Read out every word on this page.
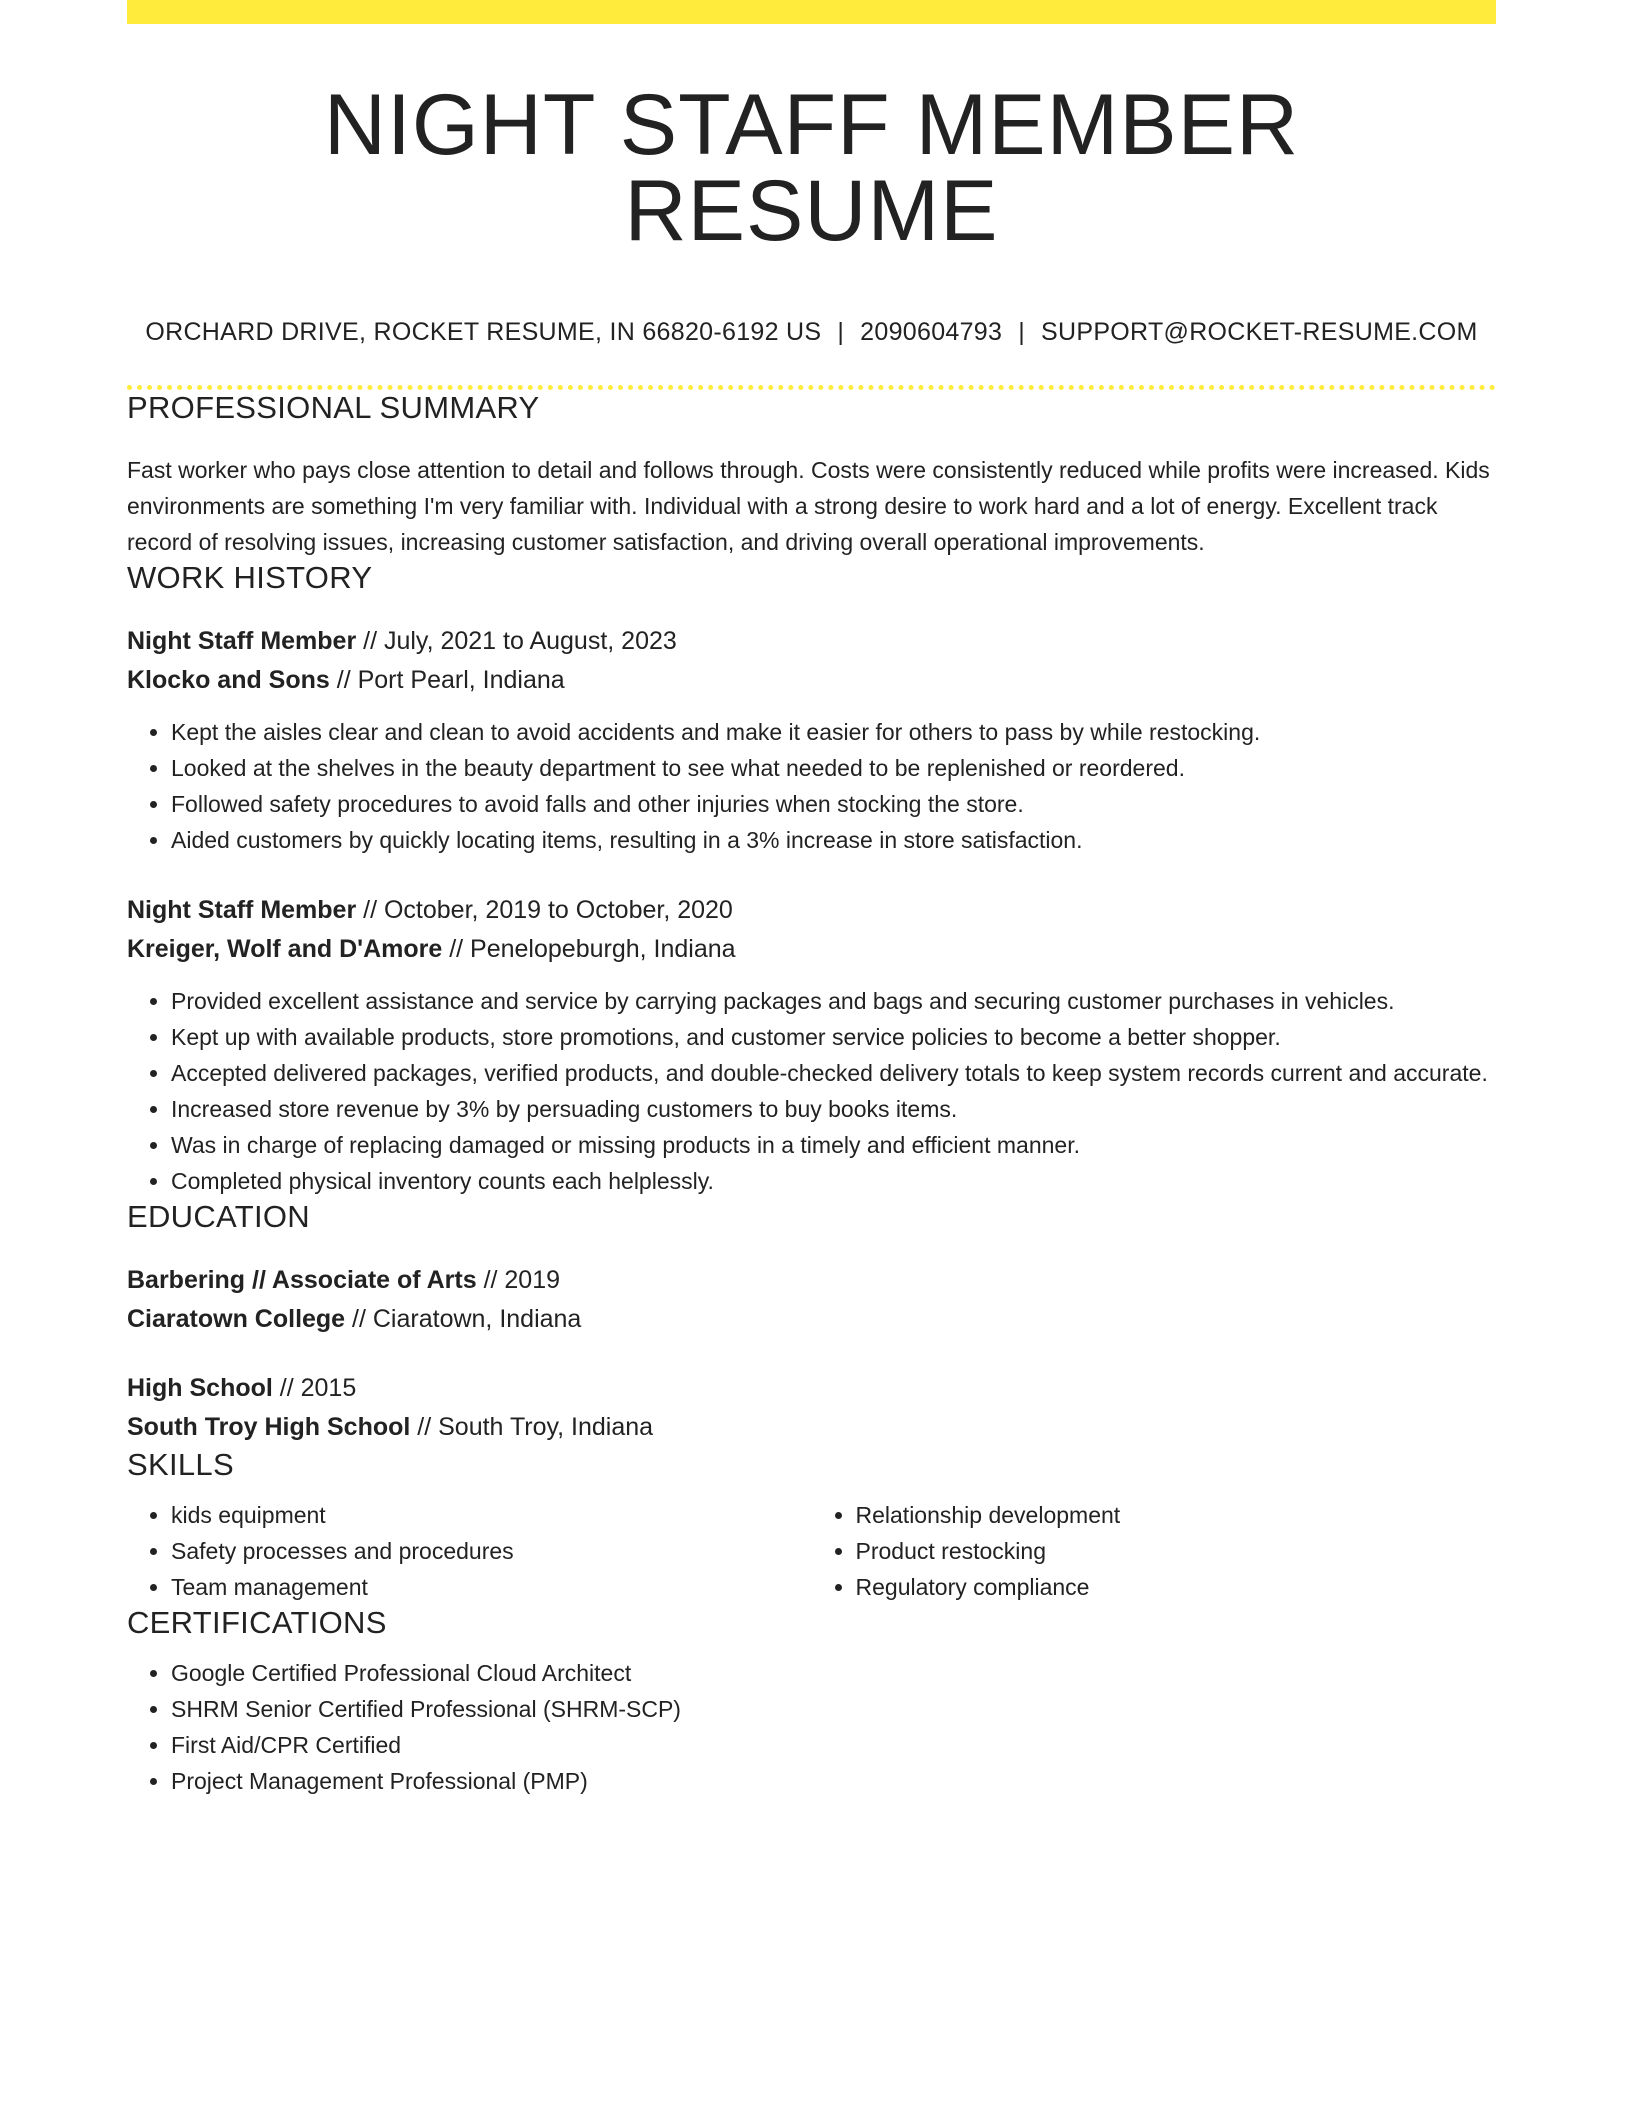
NIGHT STAFF MEMBER RESUME
ORCHARD DRIVE, ROCKET RESUME, IN 66820-6192 US | 2090604793 | SUPPORT@ROCKET-RESUME.COM
PROFESSIONAL SUMMARY

Fast worker who pays close attention to detail and follows through. Costs were consistently reduced while profits were increased. Kids environments are something I'm very familiar with. Individual with a strong desire to work hard and a lot of energy. Excellent track record of resolving issues, increasing customer satisfaction, and driving overall operational improvements.

WORK HISTORY
Night Staff Member // July, 2021 to August, 2023
Klocko and Sons // Port Pearl, Indiana
• Kept the aisles clear and clean to avoid accidents and make it easier for others to pass by while restocking.
• Looked at the shelves in the beauty department to see what needed to be replenished or reordered.
• Followed safety procedures to avoid falls and other injuries when stocking the store.
• Aided customers by quickly locating items, resulting in a 3% increase in store satisfaction.
Night Staff Member // October, 2019 to October, 2020
Kreiger, Wolf and D'Amore // Penelopeburgh, Indiana
• Provided excellent assistance and service by carrying packages and bags and securing customer purchases in vehicles.
• Kept up with available products, store promotions, and customer service policies to become a better shopper.
• Accepted delivered packages, verified products, and double-checked delivery totals to keep system records current and accurate.
• Increased store revenue by 3% by persuading customers to buy books items.
• Was in charge of replacing damaged or missing products in a timely and efficient manner.
• Completed physical inventory counts each helplessly.
EDUCATION
Barbering // Associate of Arts // 2019
Ciaratown College // Ciaratown, Indiana
High School // 2015
South Troy High School // South Troy, Indiana
SKILLS
• kids equipment
• Safety processes and procedures
• Team management
• Relationship development
• Product restocking
• Regulatory compliance
CERTIFICATIONS
• Google Certified Professional Cloud Architect
• SHRM Senior Certified Professional (SHRM-SCP)
• First Aid/CPR Certified
• Project Management Professional (PMP)
